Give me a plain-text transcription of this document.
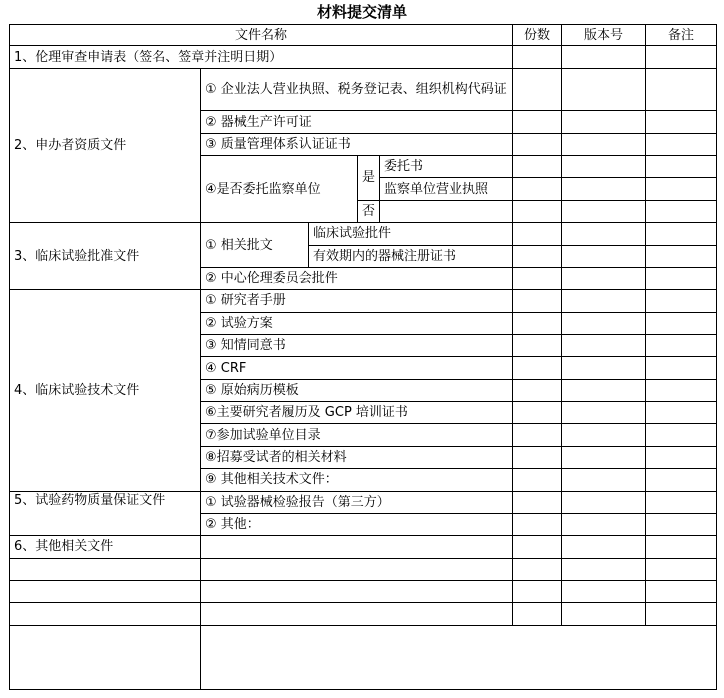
材料提交清单
文件名称					份数	版本号	备注
1、伦理审查申请表（签名、签章并注明日期）							
2、申办者资质文件	① 企业法人营业执照、税务登记表、组织机构代码证						
	② 器械生产许可证						
	③ 质量管理体系认证证书						
	④是否委托监察单位		是	委托书			
				监察单位营业执照			
			否				
3、临床试验批准文件	① 相关批文	临床试验批件					
		有效期内的器械注册证书					
	② 中心伦理委员会批件						
4、临床试验技术文件	① 研究者手册						
	② 试验方案						
	③ 知情同意书						
	④ CRF						
	⑤ 原始病历模板						
	⑥主要研究者履历及 GCP 培训证书						
	⑦参加试验单位目录						
	⑧招募受试者的相关材料						
	⑨ 其他相关技术文件：						
5、试验药物质量保证文件	① 试验器械检验报告（第三方）						
	② 其他：						
6、其他相关文件							
